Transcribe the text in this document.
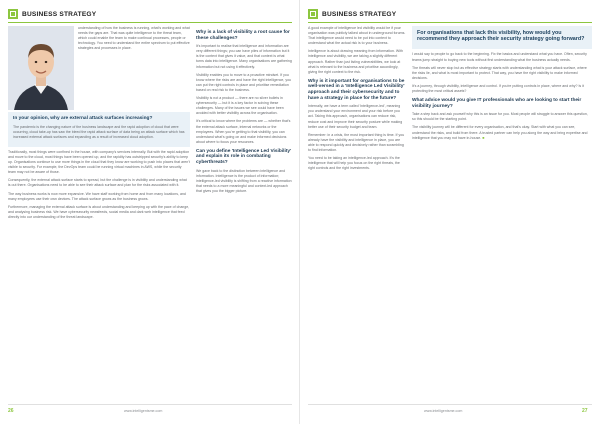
BUSINESS STRATEGY	BUSINESS STRATEGY

understanding of how the business is running, what's working and what needs the gaps are. That was quite intelligence to the threat team, which could enable the team to make continual processes, people or technology. You need to understand the entire spectrum to put effective strategies and processes in place.

In your opinion, why are external attack surfaces increasing?

The pandemic is the changing nature of the business landscape and the rapid adoption of cloud that were occurring, cloud take-up has saw the bleed the rapid attack surface of data being an attack surface which has increased external attack surfaces and expanding as a result of increased cloud adoption.

Traditionally, most things were confined in the house, with company's services internally. But with the rapid adoption and move to the cloud, most things have been opened up, and the rapidity has outstripped security's ability to keep up. Organisations continue to use more things in the cloud that they know are working to push into places that aren't visible to security. For example, the DevOps team could be running virtual machines in AWS, while the security team may not be aware of those.

Consequently, the external attack surface starts to spread, but the challenge is in visibility and understanding what is out there. Organisations need to be able to see their attack surface and plan for the risks associated with it.

The way business works is now more expansive. We have staff working from home and from many locations, and many employees use their own devices. The attack surface grows as the business grows.

Furthermore, managing the external attack surface is about understanding and keeping up with the pace of change, and analysing business risk. We have cybersecurity newsfeeds, social media and dark web intelligence that feed directly into our understanding of the threat landscape.

Why is a lack of visibility a root cause for these challenges?

It's important to realise that intelligence and information are very different things; you can have piles of information but it is the context that gives it value, and that context is what turns data into intelligence. Many organisations are gathering information but not using it effectively.

Visibility enables you to move to a proactive mindset. If you know where the risks are and have the right intelligence, you can put the right controls in place and prioritise remediation based on real risk to the business.

Visibility is not a product — there are no silver bullets in cybersecurity — but it is a key factor in solving these challenges. Many of the issues we see could have been avoided with better visibility across the organisation.

It's critical to know where the problems are — whether that's the external attack surface, internal networks or the employees. When you're getting to that visibility, you can understand what's going on and make informed decisions about where to focus your resources.

Can you define 'Intelligence Led Visibility' and explain its role in combating cyberthreats?

We gave back to the distinction between intelligence and information. Intelligence is the product of information; intelligence-led visibility is shifting from a reactive information that needs to a more meaningful and context-led approach that gives you the bigger picture.

A good example of intelligence led visibility would be if your organisation was publicly talked about in underground forums. That intelligence would need to be put into context to understand what the actual risk is to your business.

Intelligence is about drawing meaning from information. With intelligence and visibility, we are taking a slightly different approach. Rather than just listing vulnerabilities, we look at what is relevant to the business and prioritise accordingly, giving the right context to the risk.

Why is it important for organisations to be well-versed in a 'Intelligence Led Visibility' approach and their cybersecurity and to have a strategy in place for the future?

Internally, we have a term called 'intelligence-led', meaning you understand your environment and your risk before you act. Taking this approach, organisations can reduce risk, reduce cost and improve their security posture while making better use of their security budget and team.

Remember: in a crisis, the most important thing is time. If you already have the visibility and intelligence in place, you are able to respond quickly and decisively rather than scrambling to find information.

You need to be taking an intelligence-led approach. It's the intelligence that will help you focus on the right threats, the right controls and the right investments.

For organisations that lack this visibility, how would you recommend they approach their security strategy going forward?

I would say to people to go back to the beginning. Fix the basics and understand what you have. Often, security teams jump straight to buying new tools without first understanding what the business actually needs.

The threats will never stop but as effective strategy starts with understanding what is your attack surface, where the risks lie, and what is most important to protect. That way, you have the right visibility to make informed decisions.

It's a journey, through visibility, intelligence and control. If you're putting controls in place, where and why? Is it protecting the most critical assets?

What advice would you give IT professionals who are looking to start their visibility journey?

Take a step back and ask yourself why this is an issue for you. Most people will struggle to answer this question, so this should be the starting point.

The visibility journey will be different for every organisation, and that's okay. Start with what you can see, understand the risks, and build from there. A trusted partner can help you along the way and bring expertise and intelligence that you may not have in-house. ■

26	www.intelligentsme.com	www.intelligentsme.com	27
